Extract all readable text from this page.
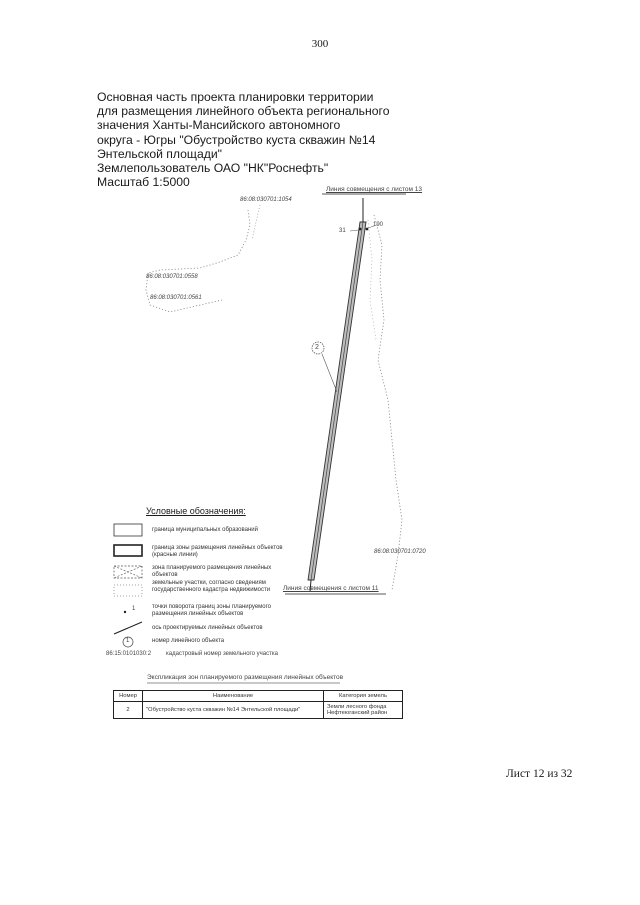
300
Основная часть проекта планировки территории
для размещения линейного объекта регионального
значения Ханты-Мансийского автономного
округа - Югры "Обустройство куста скважин №14
Энтельской площади"
Землепользователь ОАО "НК"Роснефть"
Масштаб 1:5000
Линия совмещения с листом 13
Линия совмещения с листом 11
86:08:030701:1054
86:08:030701:0558
86:08:030701:0561
86:08:030701:0720
31
190
2
Условные обозначения:
граница муниципальных образований
граница зоны размещения линейных объектов (красные линии)
зона планируемого размещения линейных объектов
земельные участки, согласно сведениям государственного кадастра недвижимости
точки поворота границ зоны планируемого размещения линейных объектов
ось проектируемых линейных объектов
номер линейного объекта
86:15:0101030:2 кадастровый номер земельного участка
1
1
Экспликация зон планируемого размещения линейных объектов
Номер	Наименование	Категория земель
2	"Обустройство куста скважин №14 Энтельской площади"	Земли лесного фонда Нефтеюганский район
Лист 12 из 32
